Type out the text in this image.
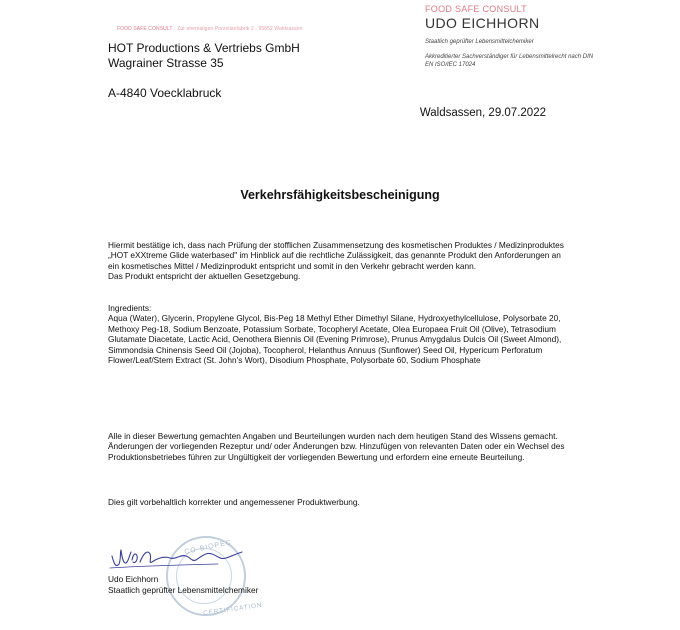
FOOD SAFE CONSULT · Zur ehemaligen Porzellanfabrik 2 - 95652 Waldsassen
FOOD SAFE CONSULT
UDO EICHHORN
Staatlich geprüfter Lebensmittelchemiker
Akkreditierter Sachverständiger für Lebensmittelrecht nach DIN EN ISO/IEC 17024
HOT Productions & Vertriebs GmbH
Wagrainer Strasse 35
A-4840 Voecklabruck
Waldsassen, 29.07.2022
Verkehrsfähigkeitsbescheinigung
Hiermit bestätige ich, dass nach Prüfung der stofflichen Zusammensetzung des kosmetischen Produktes / Medizinproduktes „HOT eXXtreme Glide waterbased" im Hinblick auf die rechtliche Zulässigkeit, das genannte Produkt den Anforderungen an ein kosmetisches Mittel / Medizinprodukt entspricht und somit in den Verkehr gebracht werden kann.
Das Produkt entspricht der aktuellen Gesetzgebung.
Ingredients:
Aqua (Water), Glycerin, Propylene Glycol, Bis-Peg 18 Methyl Ether Dimethyl Silane, Hydroxyethylcellulose, Polysorbate 20, Methoxy Peg-18, Sodium Benzoate, Potassium Sorbate, Tocopheryl Acetate, Olea Europaea Fruit Oil (Olive), Tetrasodium Glutamate Diacetate, Lactic Acid, Oenothera Biennis Oil (Evening Primrose), Prunus Amygdalus Dulcis Oil (Sweet Almond), Simmondsia Chinensis Seed Oil (Jojoba), Tocopherol, Helanthus Annuus (Sunflower) Seed Oil, Hypericum Perforatum Flower/Leaf/Stem Extract (St. John's Wort), Disodium Phosphate, Polysorbate 60, Sodium Phosphate
Alle in dieser Bewertung gemachten Angaben und Beurteilungen wurden nach dem heutigen Stand des Wissens gemacht. Änderungen der vorliegenden Rezeptur und/ oder Änderungen bzw. Hinzufügen von relevanten Daten oder ein Wechsel des Produktionsbetriebes führen zur Ungültigkeit der vorliegenden Bewertung und erfordern eine erneute Beurteilung.
Dies gilt vorbehaltlich korrekter und angemessener Produktwerbung.
CO-BIOPEC
CERTIFICATION
Udo Eichhorn
Staatlich geprüfter Lebensmittelchemiker
